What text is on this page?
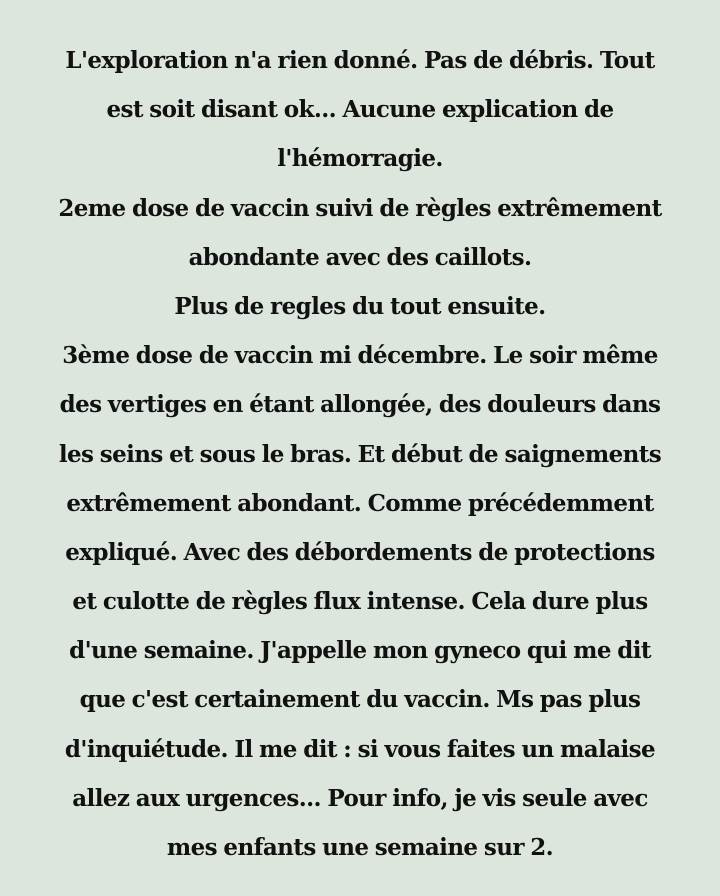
L'exploration n'a rien donné. Pas de débris. Tout
est soit disant ok... Aucune explication de
l'hémorragie.
2eme dose de vaccin suivi de règles extrêmement
abondante avec des caillots.
Plus de regles du tout ensuite.
3ème dose de vaccin mi décembre. Le soir même
des vertiges en étant allongée, des douleurs dans
les seins et sous le bras. Et début de saignements
extrêmement abondant. Comme précédemment
expliqué. Avec des débordements de protections
et culotte de règles flux intense. Cela dure plus
d'une semaine. J'appelle mon gyneco qui me dit
que c'est certainement du vaccin. Ms pas plus
d'inquiétude. Il me dit : si vous faites un malaise
allez aux urgences... Pour info, je vis seule avec
mes enfants une semaine sur 2.
